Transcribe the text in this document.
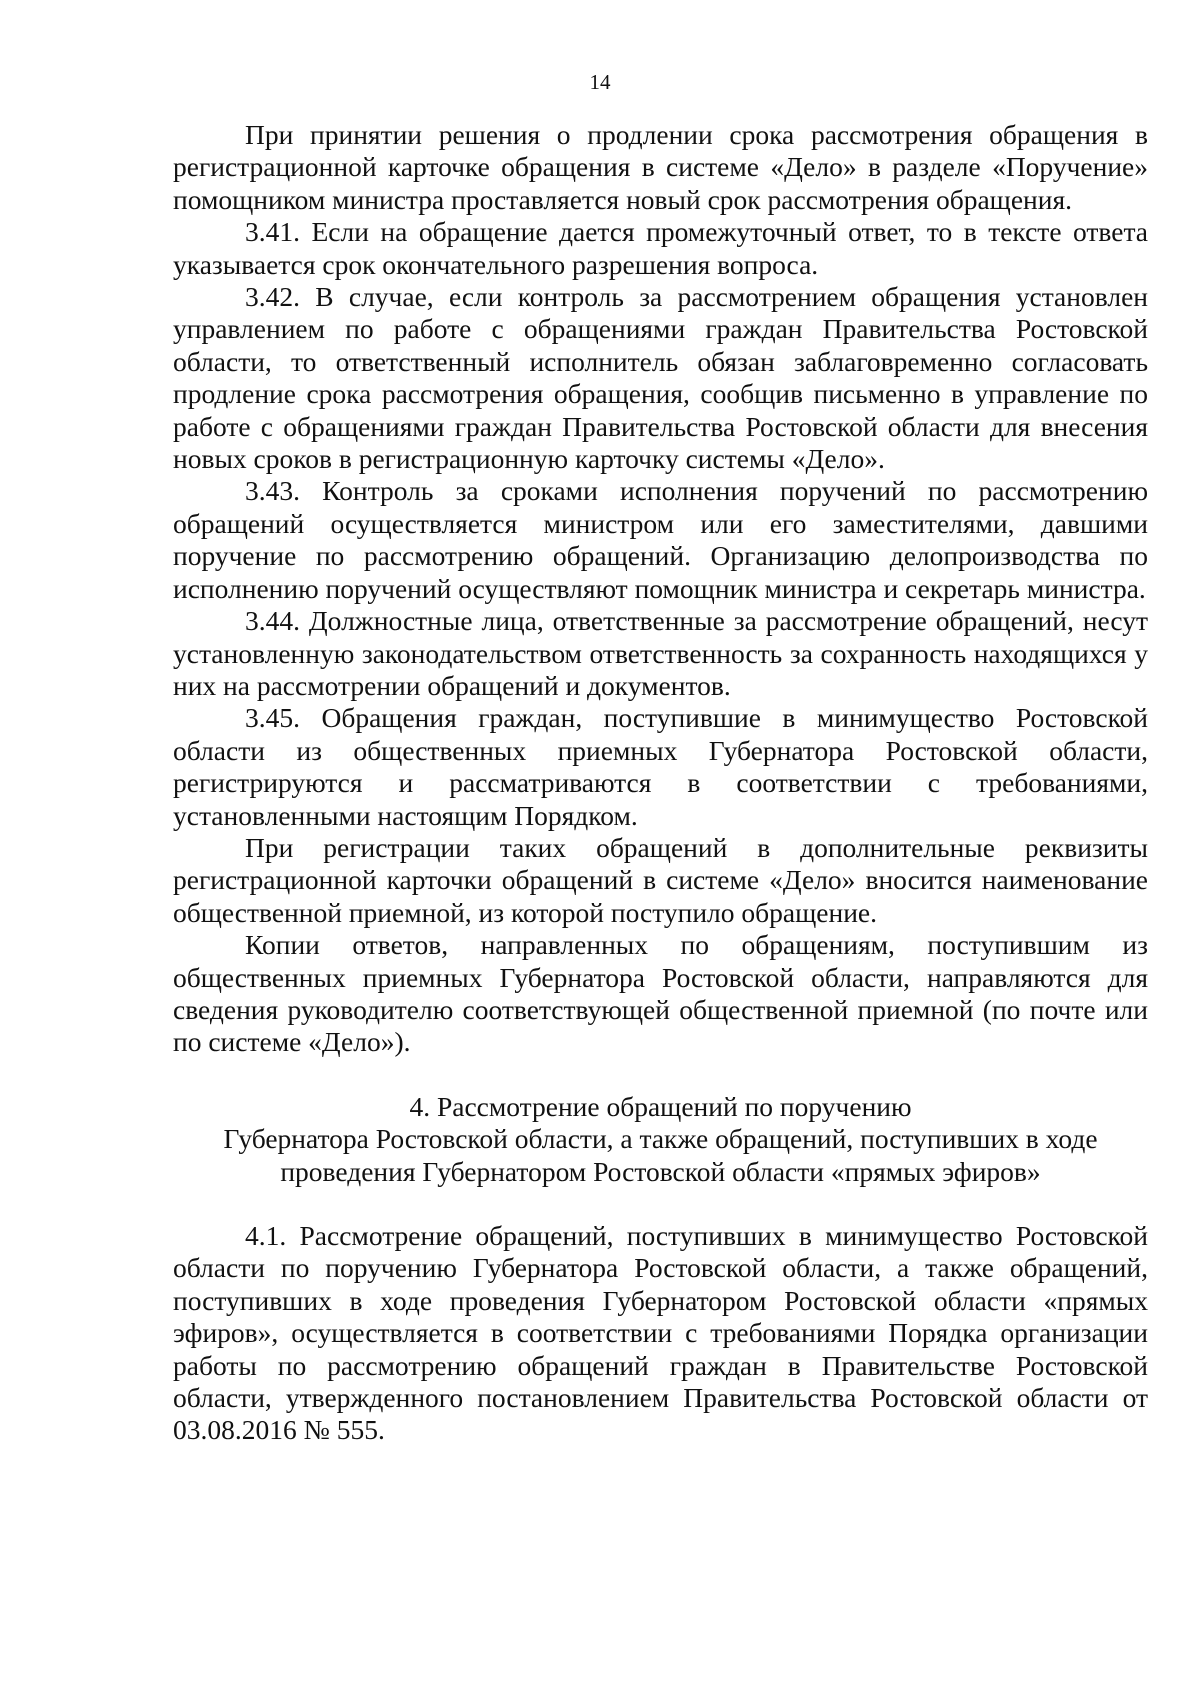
14

При принятии решения о продлении срока рассмотрения обращения в регистрационной карточке обращения в системе «Дело» в разделе «Поручение» помощником министра проставляется новый срок рассмотрения обращения.

3.41. Если на обращение дается промежуточный ответ, то в тексте ответа указывается срок окончательного разрешения вопроса.

3.42. В случае, если контроль за рассмотрением обращения установлен управлением по работе с обращениями граждан Правительства Ростовской области, то ответственный исполнитель обязан заблаговременно согласовать продление срока рассмотрения обращения, сообщив письменно в управление по работе с обращениями граждан Правительства Ростовской области для внесения новых сроков в регистрационную карточку системы «Дело».

3.43. Контроль за сроками исполнения поручений по рассмотрению обращений осуществляется министром или его заместителями, давшими поручение по рассмотрению обращений. Организацию делопроизводства по исполнению поручений осуществляют помощник министра и секретарь министра.

3.44. Должностные лица, ответственные за рассмотрение обращений, несут установленную законодательством ответственность за сохранность находящихся у них на рассмотрении обращений и документов.

3.45. Обращения граждан, поступившие в минимущество Ростовской области из общественных приемных Губернатора Ростовской области, регистрируются и рассматриваются в соответствии с требованиями, установленными настоящим Порядком.

При регистрации таких обращений в дополнительные реквизиты регистрационной карточки обращений в системе «Дело» вносится наименование общественной приемной, из которой поступило обращение.

Копии ответов, направленных по обращениям, поступившим из общественных приемных Губернатора Ростовской области, направляются для сведения руководителю соответствующей общественной приемной (по почте или по системе «Дело»).

4. Рассмотрение обращений по поручению
Губернатора Ростовской области, а также обращений, поступивших в ходе
проведения Губернатором Ростовской области «прямых эфиров»

4.1. Рассмотрение обращений, поступивших в минимущество Ростовской области по поручению Губернатора Ростовской области, а также обращений, поступивших в ходе проведения Губернатором Ростовской области «прямых эфиров», осуществляется в соответствии с требованиями Порядка организации работы по рассмотрению обращений граждан в Правительстве Ростовской области, утвержденного постановлением Правительства Ростовской области от 03.08.2016 № 555.
